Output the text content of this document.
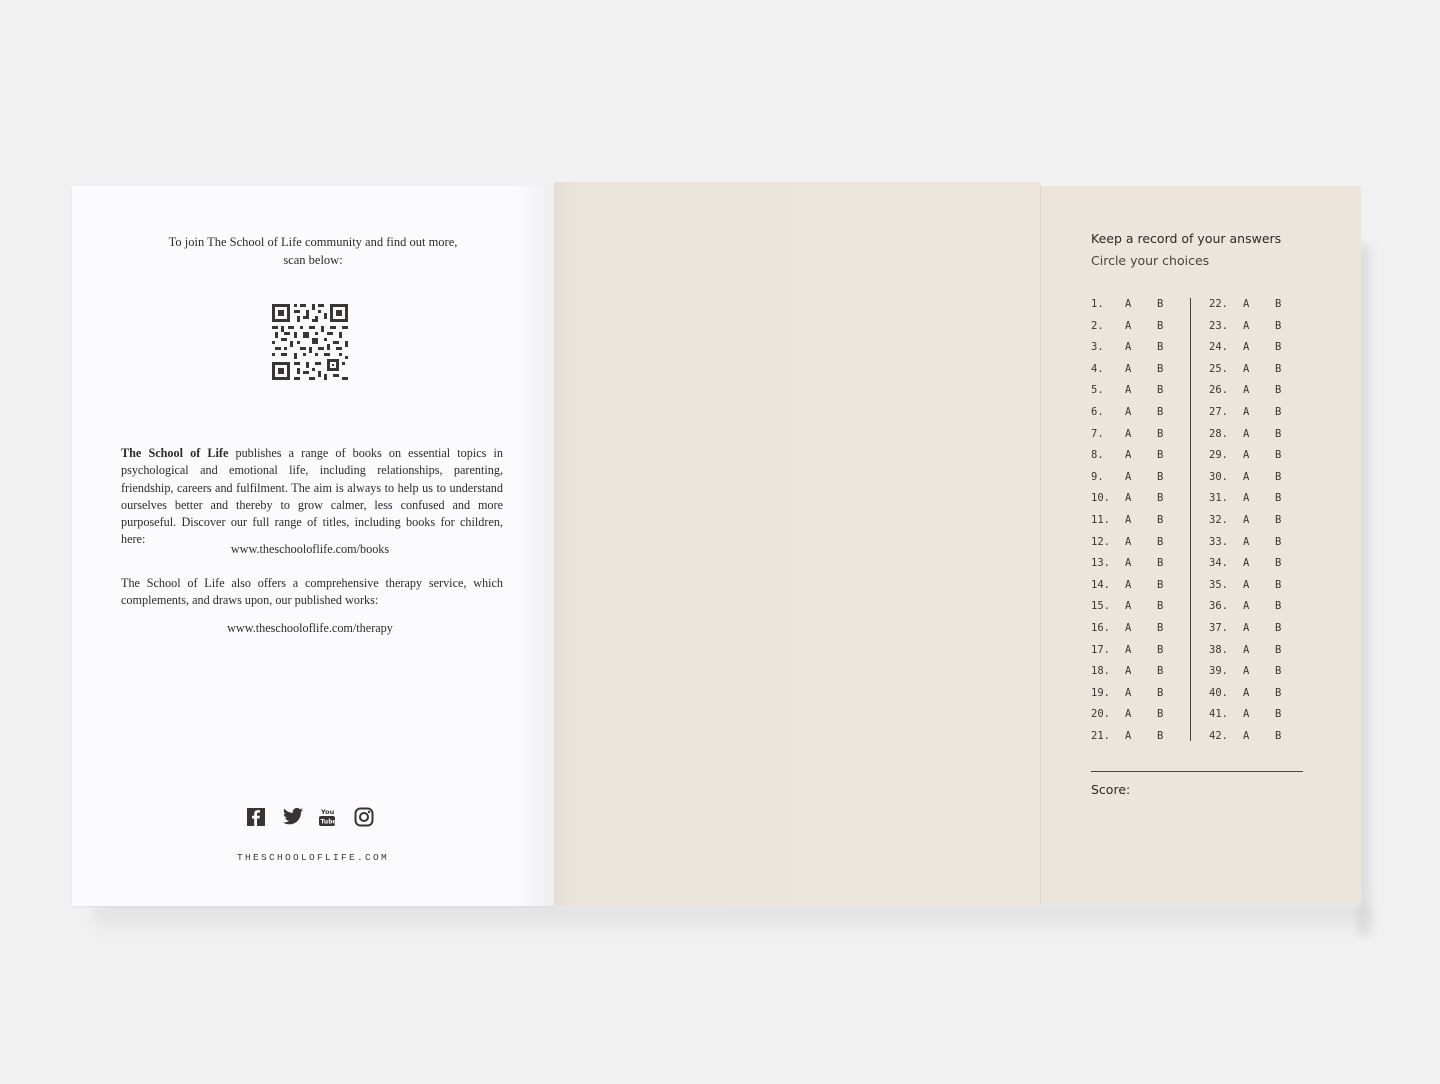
To join The School of Life community and find out more, scan below:
The School of Life publishes a range of books on essential topics in psychological and emotional life, including relationships, parenting, friendship, careers and fulfilment. The aim is always to help us to understand ourselves better and thereby to grow calmer, less confused and more purposeful. Discover our full range of titles, including books for children, here:
www.theschooloflife.com/books
The School of Life also offers a comprehensive therapy service, which complements, and draws upon, our published works:
www.theschooloflife.com/therapy
You
Tube
THESCHOOLOFLIFE.COM
Keep a record of your answers
Circle your choices
1. A B
2. A B
3. A B
4. A B
5. A B
6. A B
7. A B
8. A B
9. A B
10. A B
11. A B
12. A B
13. A B
14. A B
15. A B
16. A B
17. A B
18. A B
19. A B
20. A B
21. A B
22. A B
23. A B
24. A B
25. A B
26. A B
27. A B
28. A B
29. A B
30. A B
31. A B
32. A B
33. A B
34. A B
35. A B
36. A B
37. A B
38. A B
39. A B
40. A B
41. A B
42. A B
Score:
